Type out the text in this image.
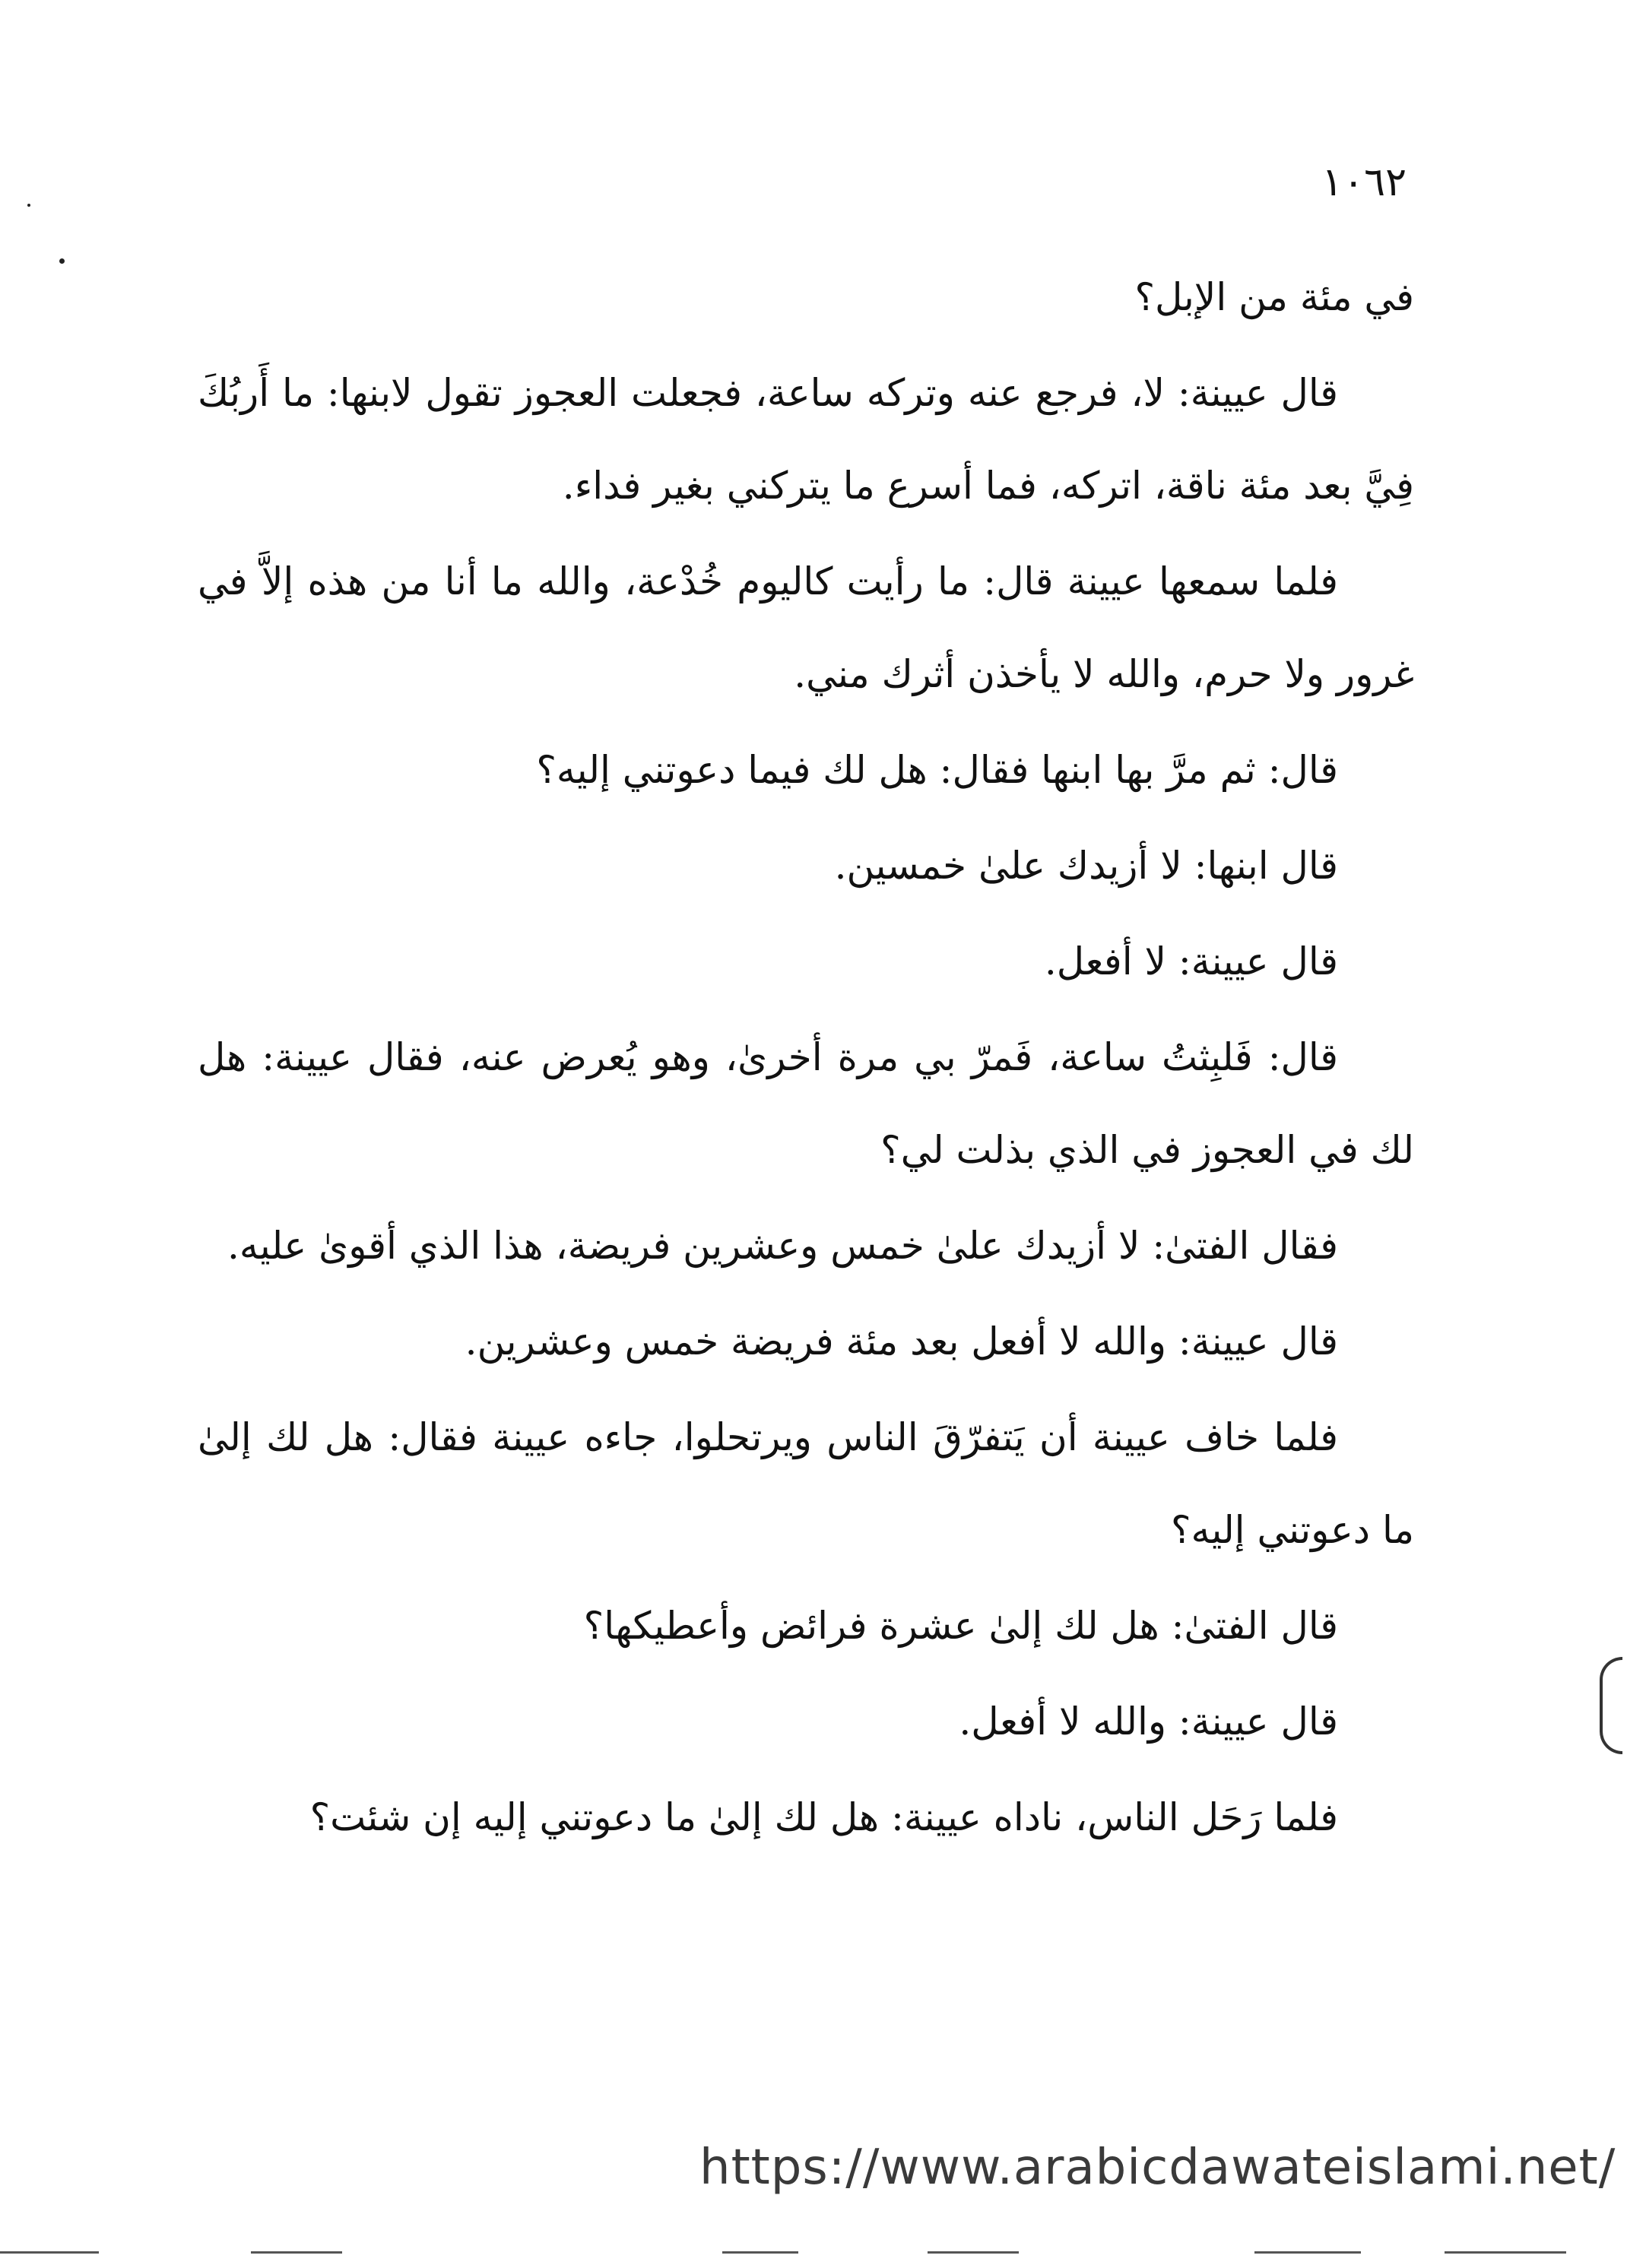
١٠٦٢

في مئة من الإبل؟

قال عيينة: لا، فرجع عنه وتركه ساعة، فجعلت العجوز تقول لابنها: ما أَربُكَ فِيَّ بعد مئة ناقة، اتركه، فما أسرع ما يتركني بغير فداء.

فلما سمعها عيينة قال: ما رأيت كاليوم خُدْعة، والله ما أنا من هذه إلاَّ في غرور ولا حرم، والله لا يأخذن أثرك مني.

قال: ثم مرَّ بها ابنها فقال: هل لك فيما دعوتني إليه؟

قال ابنها: لا أزيدك علىٰ خمسين.

قال عيينة: لا أفعل.

قال: فَلبِثتُ ساعة، فَمرّ بي مرة أخرىٰ، وهو يُعرض عنه، فقال عيينة: هل لك في العجوز في الذي بذلت لي؟

فقال الفتىٰ: لا أزيدك علىٰ خمس وعشرين فريضة، هذا الذي أقوىٰ عليه.

قال عيينة: والله لا أفعل بعد مئة فريضة خمس وعشرين.

فلما خاف عيينة أن يَتفرّقَ الناس ويرتحلوا، جاءه عيينة فقال: هل لك إلىٰ ما دعوتني إليه؟

قال الفتىٰ: هل لك إلىٰ عشرة فرائض وأعطيكها؟

قال عيينة: والله لا أفعل.

فلما رَحَل الناس، ناداه عيينة: هل لك إلىٰ ما دعوتني إليه إن شئت؟

https://www.arabicdawateislami.net/
